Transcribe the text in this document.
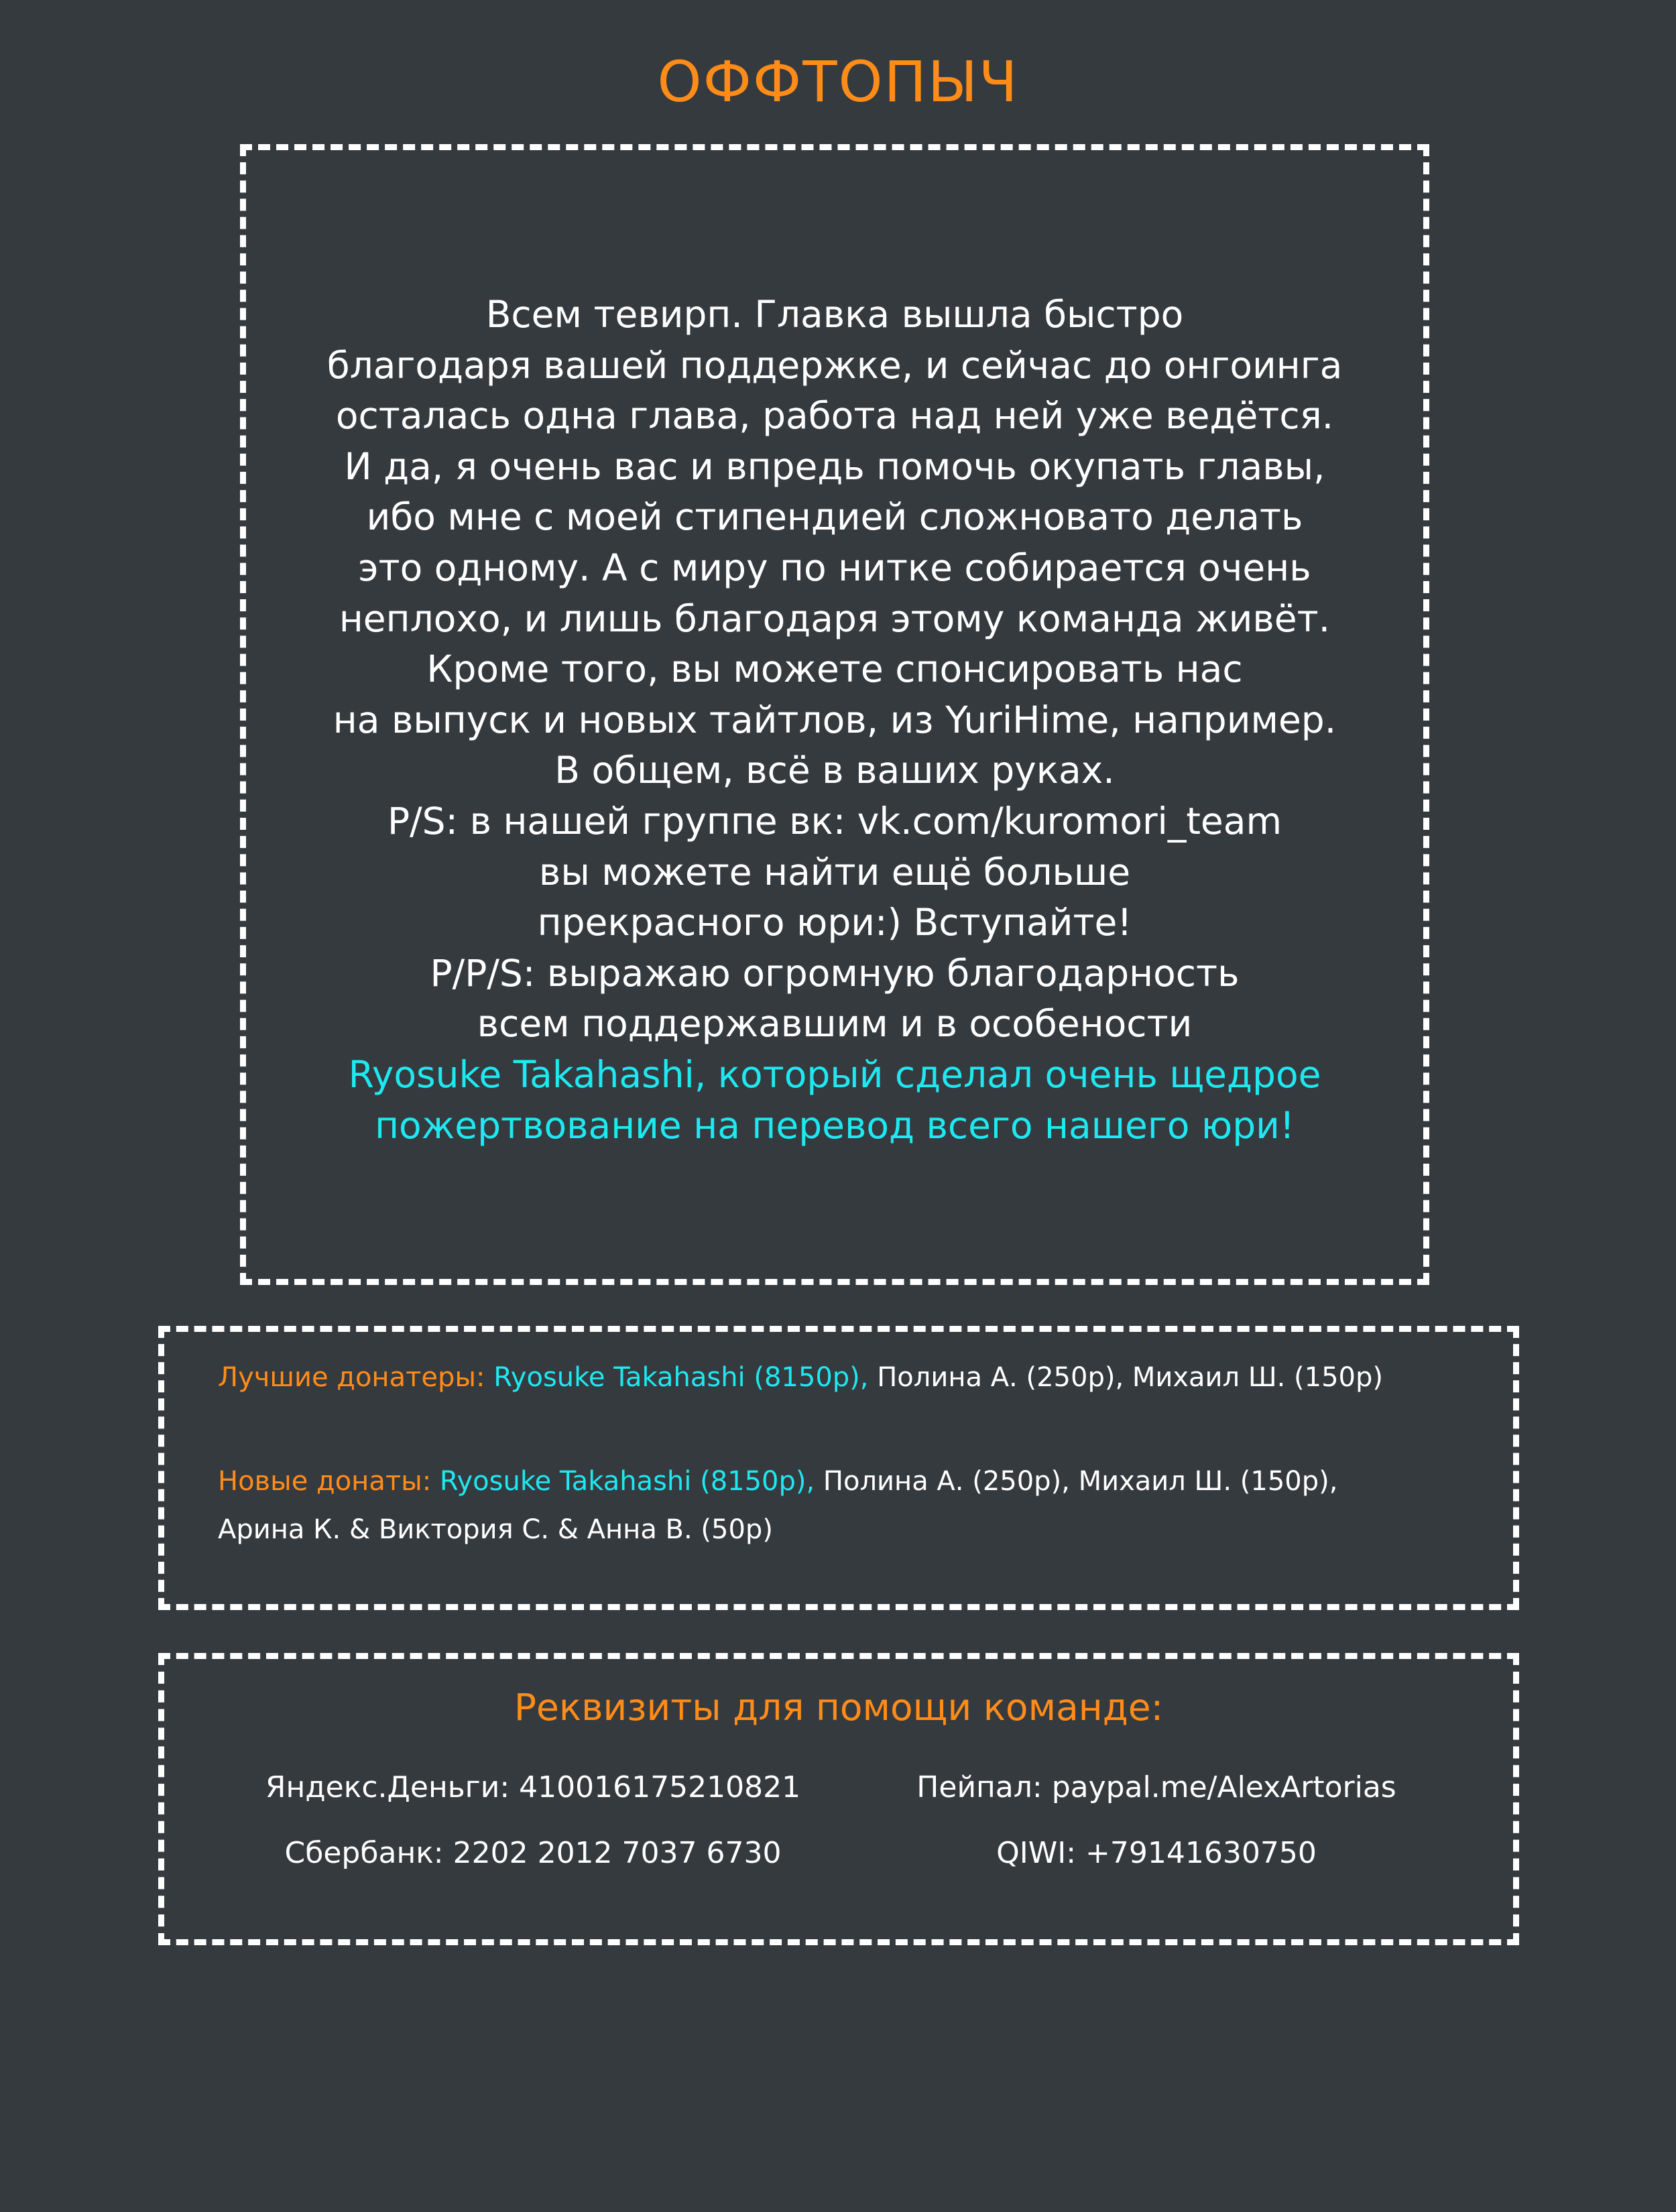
ОФФТОПЫЧ
Всем тевирп. Главка вышла быстро
благодаря вашей поддержке, и сейчас до онгоинга
осталась одна глава, работа над ней уже ведётся.
И да, я очень вас и впредь помочь окупать главы,
ибо мне с моей стипендией сложновато делать
это одному. А с миру по нитке собирается очень
неплохо, и лишь благодаря этому команда живёт.
Кроме того, вы можете спонсировать нас
на выпуск и новых тайтлов, из YuriHime, например.
В общем, всё в ваших руках.
P/S: в нашей группе вк: vk.com/kuromori_team
вы можете найти ещё больше
прекрасного юри:) Вступайте!
P/P/S: выражаю огромную благодарность
всем поддержавшим и в особености
Ryosuke Takahashi, который сделал очень щедрое
пожертвование на перевод всего нашего юри!
Лучшие донатеры: Ryosuke Takahashi (8150р), Полина А. (250р), Михаил Ш. (150р)
Новые донаты: Ryosuke Takahashi (8150р), Полина А. (250р), Михаил Ш. (150р),
Арина К. & Виктория С. & Анна В. (50р)
Реквизиты для помощи команде:
Яндекс.Деньги: 410016175210821	Пейпал: paypal.me/AlexArtorias
Сбербанк: 2202 2012 7037 6730	QIWI: +79141630750
